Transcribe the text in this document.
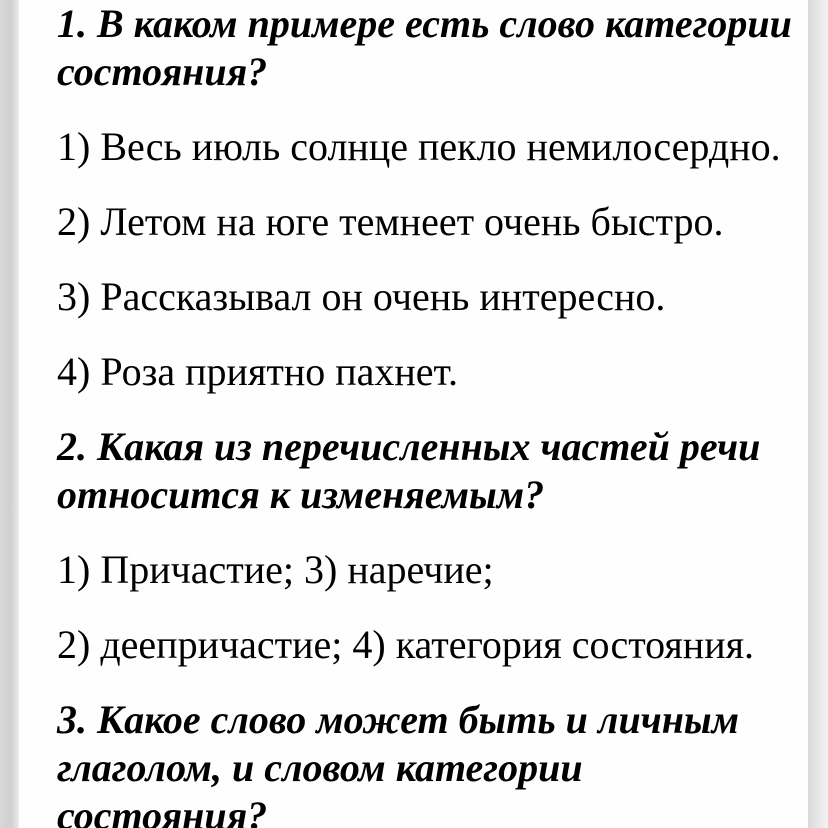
1. В каком примере есть слово категории
состояния?

1) Весь июль солнце пекло немилосердно.

2) Летом на юге темнеет очень быстро.

3) Рассказывал он очень интересно.

4) Роза приятно пахнет.

2. Какая из перечисленных частей речи
относится к изменяемым?

1) Причастие; 3) наречие;

2) деепричастие; 4) категория состояния.

3. Какое слово может быть и личным
глаголом, и словом категории
состояния?
